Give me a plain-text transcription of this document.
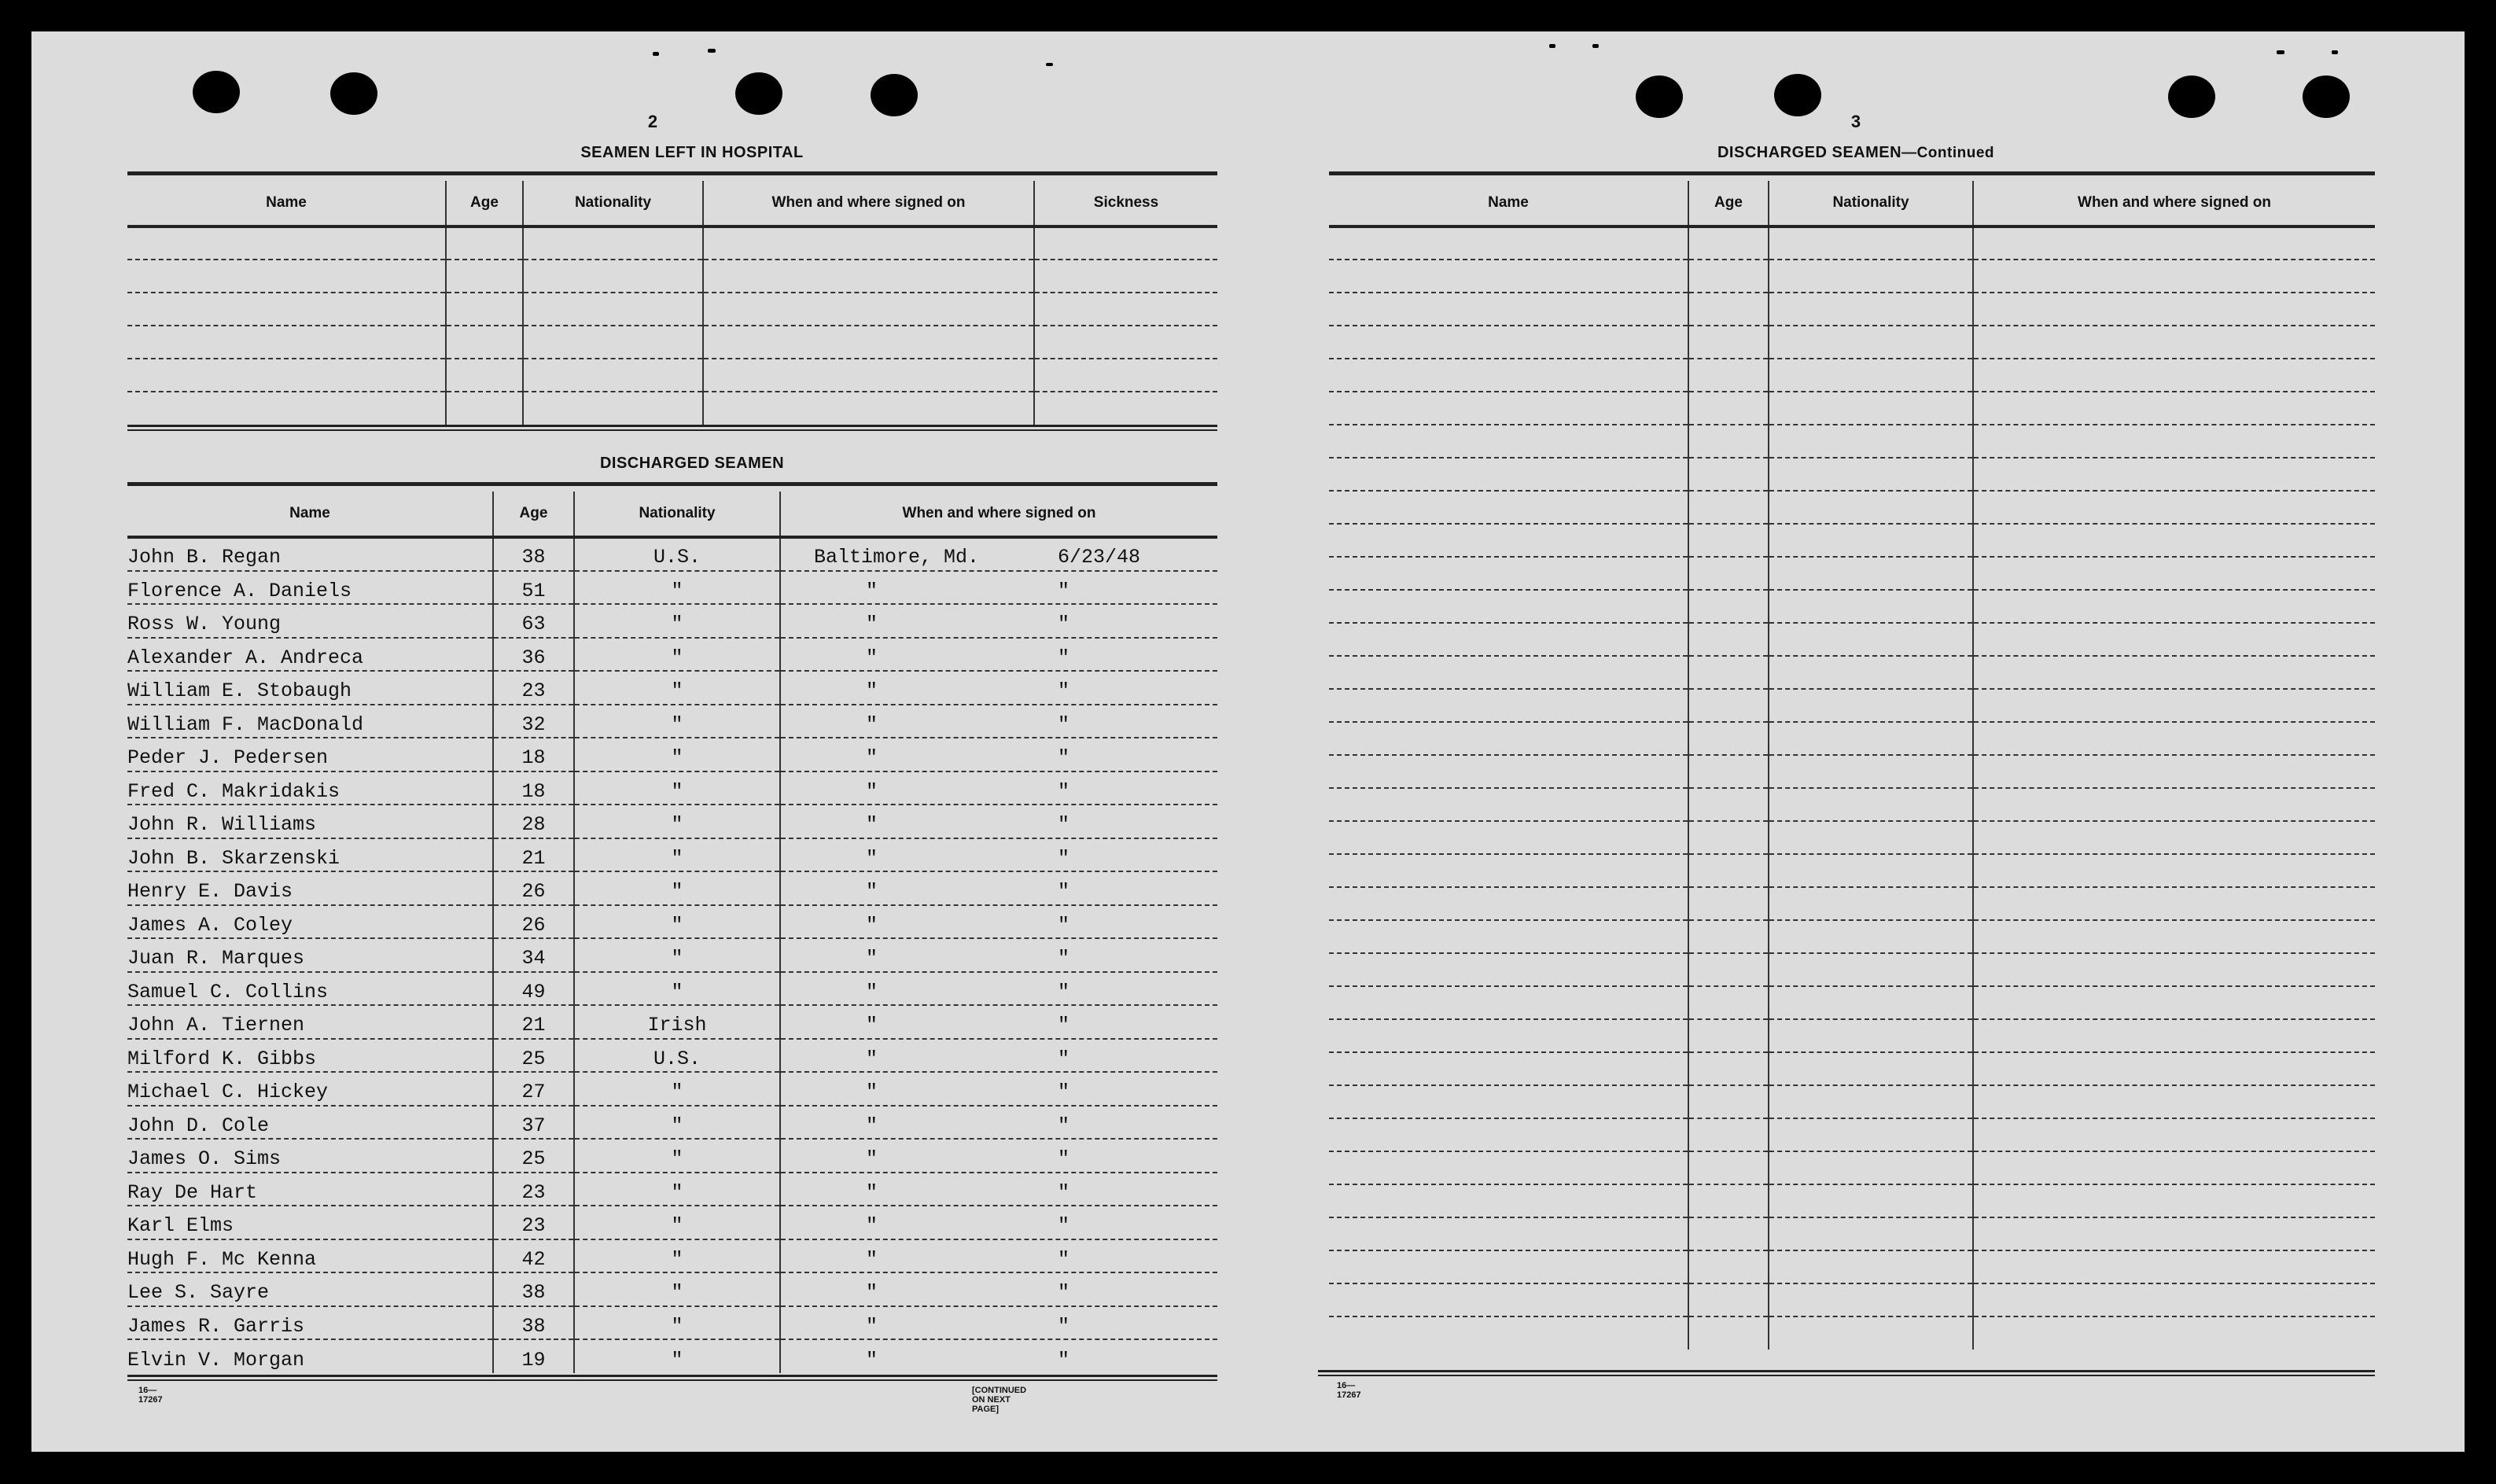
2
SEAMEN LEFT IN HOSPITAL
Name	Age	Nationality	When and where signed on	Sickness

DISCHARGED SEAMEN
Name	Age	Nationality	When and where signed on
John B. Regan	38	U.S.	Baltimore, Md. 6/23/48

Florence A. Daniels	51	"	" "

Ross W. Young	63	"	" "

Alexander A. Andreca	36	"	" "

William E. Stobaugh	23	"	" "

William F. MacDonald	32	"	" "

Peder J. Pedersen	18	"	" "

Fred C. Makridakis	18	"	" "

John R. Williams	28	"	" "

John B. Skarzenski	21	"	" "

Henry E. Davis	26	"	" "

James A. Coley	26	"	" "

Juan R. Marques	34	"	" "

Samuel C. Collins	49	"	" "

John A. Tiernen	21	Irish	" "

Milford K. Gibbs	25	U.S.	" "

Michael C. Hickey	27	"	" "

John D. Cole	37	"	" "

James O. Sims	25	"	" "

Ray De Hart	23	"	" "

Karl Elms	23	"	" "

Hugh F. Mc Kenna	42	"	" "

Lee S. Sayre	38	"	" "

James R. Garris	38	"	" "

Elvin V. Morgan	19	"	" "
16—17267
[CONTINUED ON NEXT PAGE]
3
DISCHARGED SEAMEN—Continued
Name	Age	Nationality	When and where signed on

16—17267
